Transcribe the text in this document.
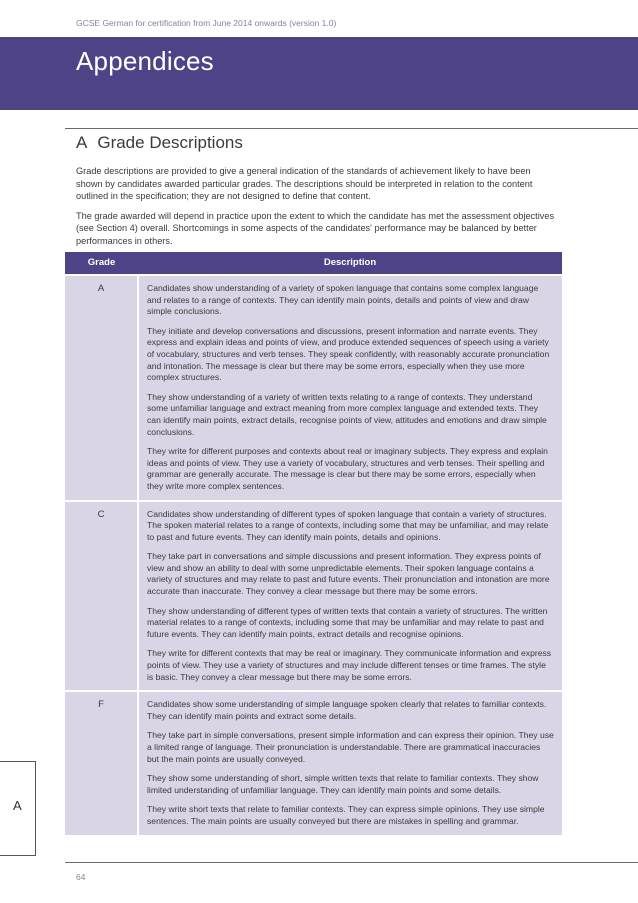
GCSE German for certification from June 2014 onwards (version 1.0)
Appendices
A Grade Descriptions

Grade descriptions are provided to give a general indication of the standards of achievement likely to have been shown by candidates awarded particular grades. The descriptions should be interpreted in relation to the content outlined in the specification; they are not designed to define that content.

The grade awarded will depend in practice upon the extent to which the candidate has met the assessment objectives (see Section 4) overall. Shortcomings in some aspects of the candidates' performance may be balanced by better performances in others.

Grade	Description
A	Candidates show understanding of a variety of spoken language that contains some complex language and relates to a range of contexts. They can identify main points, details and points of view and draw simple conclusions.

They initiate and develop conversations and discussions, present information and narrate events. They express and explain ideas and points of view, and produce extended sequences of speech using a variety of vocabulary, structures and verb tenses. They speak confidently, with reasonably accurate pronunciation and intonation. The message is clear but there may be some errors, especially when they use more complex structures.

They show understanding of a variety of written texts relating to a range of contexts. They understand some unfamiliar language and extract meaning from more complex language and extended texts. They can identify main points, extract details, recognise points of view, attitudes and emotions and draw simple conclusions.

They write for different purposes and contexts about real or imaginary subjects. They express and explain ideas and points of view. They use a variety of vocabulary, structures and verb tenses. Their spelling and grammar are generally accurate. The message is clear but there may be some errors, especially when they write more complex sentences.

C	Candidates show understanding of different types of spoken language that contain a variety of structures. The spoken material relates to a range of contexts, including some that may be unfamiliar, and may relate to past and future events. They can identify main points, details and opinions.

They take part in conversations and simple discussions and present information. They express points of view and show an ability to deal with some unpredictable elements. Their spoken language contains a variety of structures and may relate to past and future events. Their pronunciation and intonation are more accurate than inaccurate. They convey a clear message but there may be some errors.

They show understanding of different types of written texts that contain a variety of structures. The written material relates to a range of contexts, including some that may be unfamiliar and may relate to past and future events. They can identify main points, extract details and recognise opinions.

They write for different contexts that may be real or imaginary. They communicate information and express points of view. They use a variety of structures and may include different tenses or time frames. The style is basic. They convey a clear message but there may be some errors.

F	Candidates show some understanding of simple language spoken clearly that relates to familiar contexts. They can identify main points and extract some details.

They take part in simple conversations, present simple information and can express their opinion. They use a limited range of language. Their pronunciation is understandable. There are grammatical inaccuracies but the main points are usually conveyed.

They show some understanding of short, simple written texts that relate to familiar contexts. They show limited understanding of unfamiliar language. They can identify main points and some details.

They write short texts that relate to familiar contexts. They can express simple opinions. They use simple sentences. The main points are usually conveyed but there are mistakes in spelling and grammar.

A
64
